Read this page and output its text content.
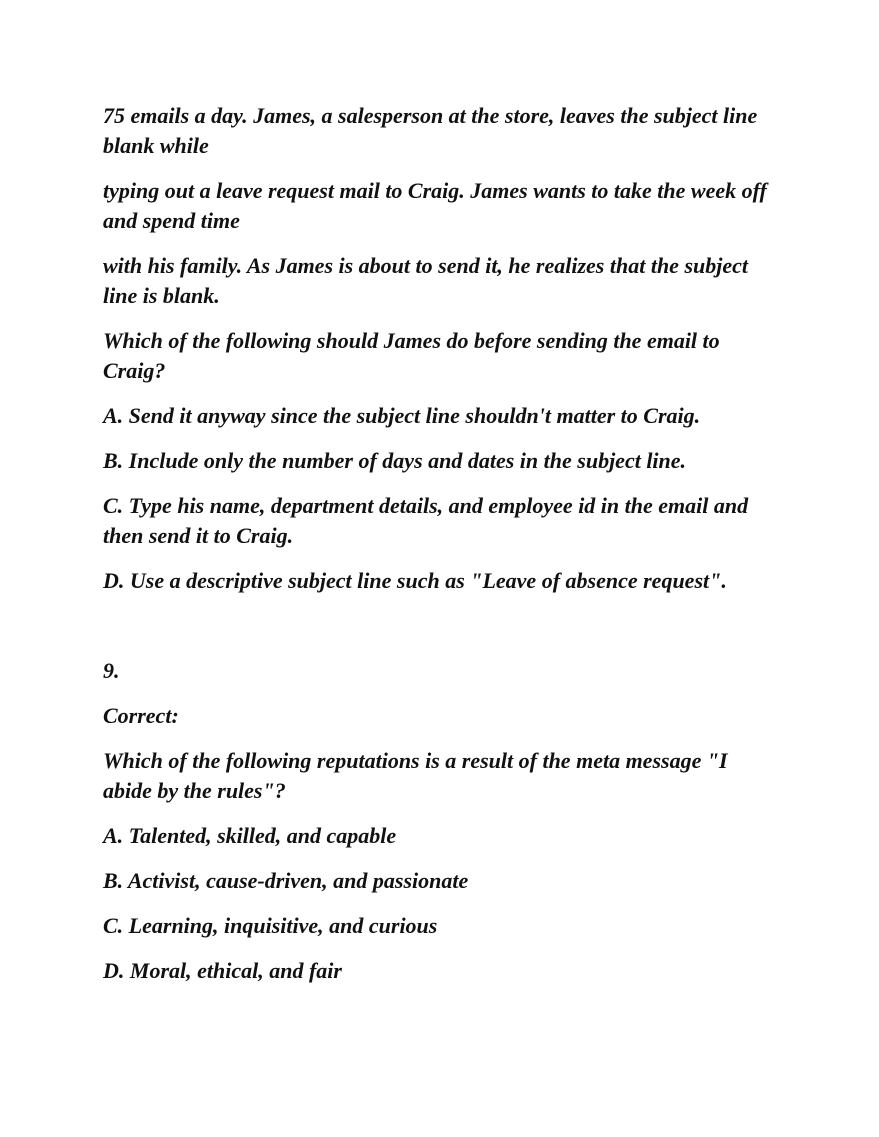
75 emails a day. James, a salesperson at the store, leaves the subject line blank while

typing out a leave request mail to Craig. James wants to take the week off and spend time

with his family. As James is about to send it, he realizes that the subject line is blank.

Which of the following should James do before sending the email to Craig?

A. Send it anyway since the subject line shouldn't matter to Craig.

B. Include only the number of days and dates in the subject line.

C. Type his name, department details, and employee id in the email and then send it to Craig.

D. Use a descriptive subject line such as "Leave of absence request".

9.

Correct:

Which of the following reputations is a result of the meta message "I abide by the rules"?

A. Talented, skilled, and capable

B. Activist, cause-driven, and passionate

C. Learning, inquisitive, and curious

D. Moral, ethical, and fair
